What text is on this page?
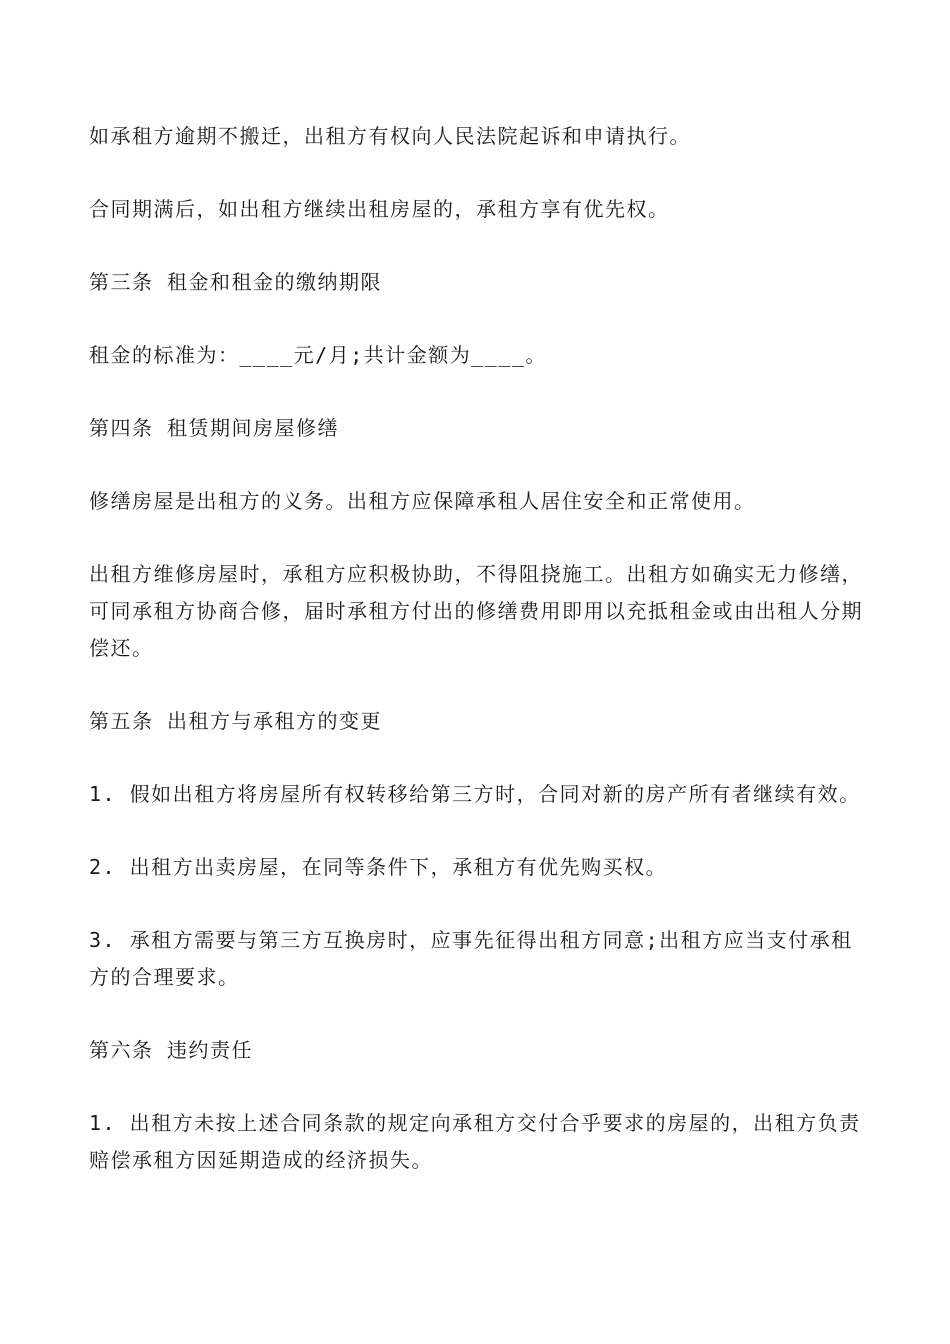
如承租方逾期不搬迁，出租方有权向人民法院起诉和申请执行。

合同期满后，如出租方继续出租房屋的，承租方享有优先权。

第三条 租金和租金的缴纳期限

租金的标准为：____元/月;共计金额为____。

第四条 租赁期间房屋修缮

修缮房屋是出租方的义务。出租方应保障承租人居住安全和正常使用。

出租方维修房屋时，承租方应积极协助，不得阻挠施工。出租方如确实无力修缮，可同承租方协商合修，届时承租方付出的修缮费用即用以充抵租金或由出租人分期偿还。

第五条 出租方与承租方的变更

1. 假如出租方将房屋所有权转移给第三方时，合同对新的房产所有者继续有效。

2. 出租方出卖房屋，在同等条件下，承租方有优先购买权。

3. 承租方需要与第三方互换房时，应事先征得出租方同意;出租方应当支付承租方的合理要求。

第六条 违约责任

1. 出租方未按上述合同条款的规定向承租方交付合乎要求的房屋的，出租方负责赔偿承租方因延期造成的经济损失。
